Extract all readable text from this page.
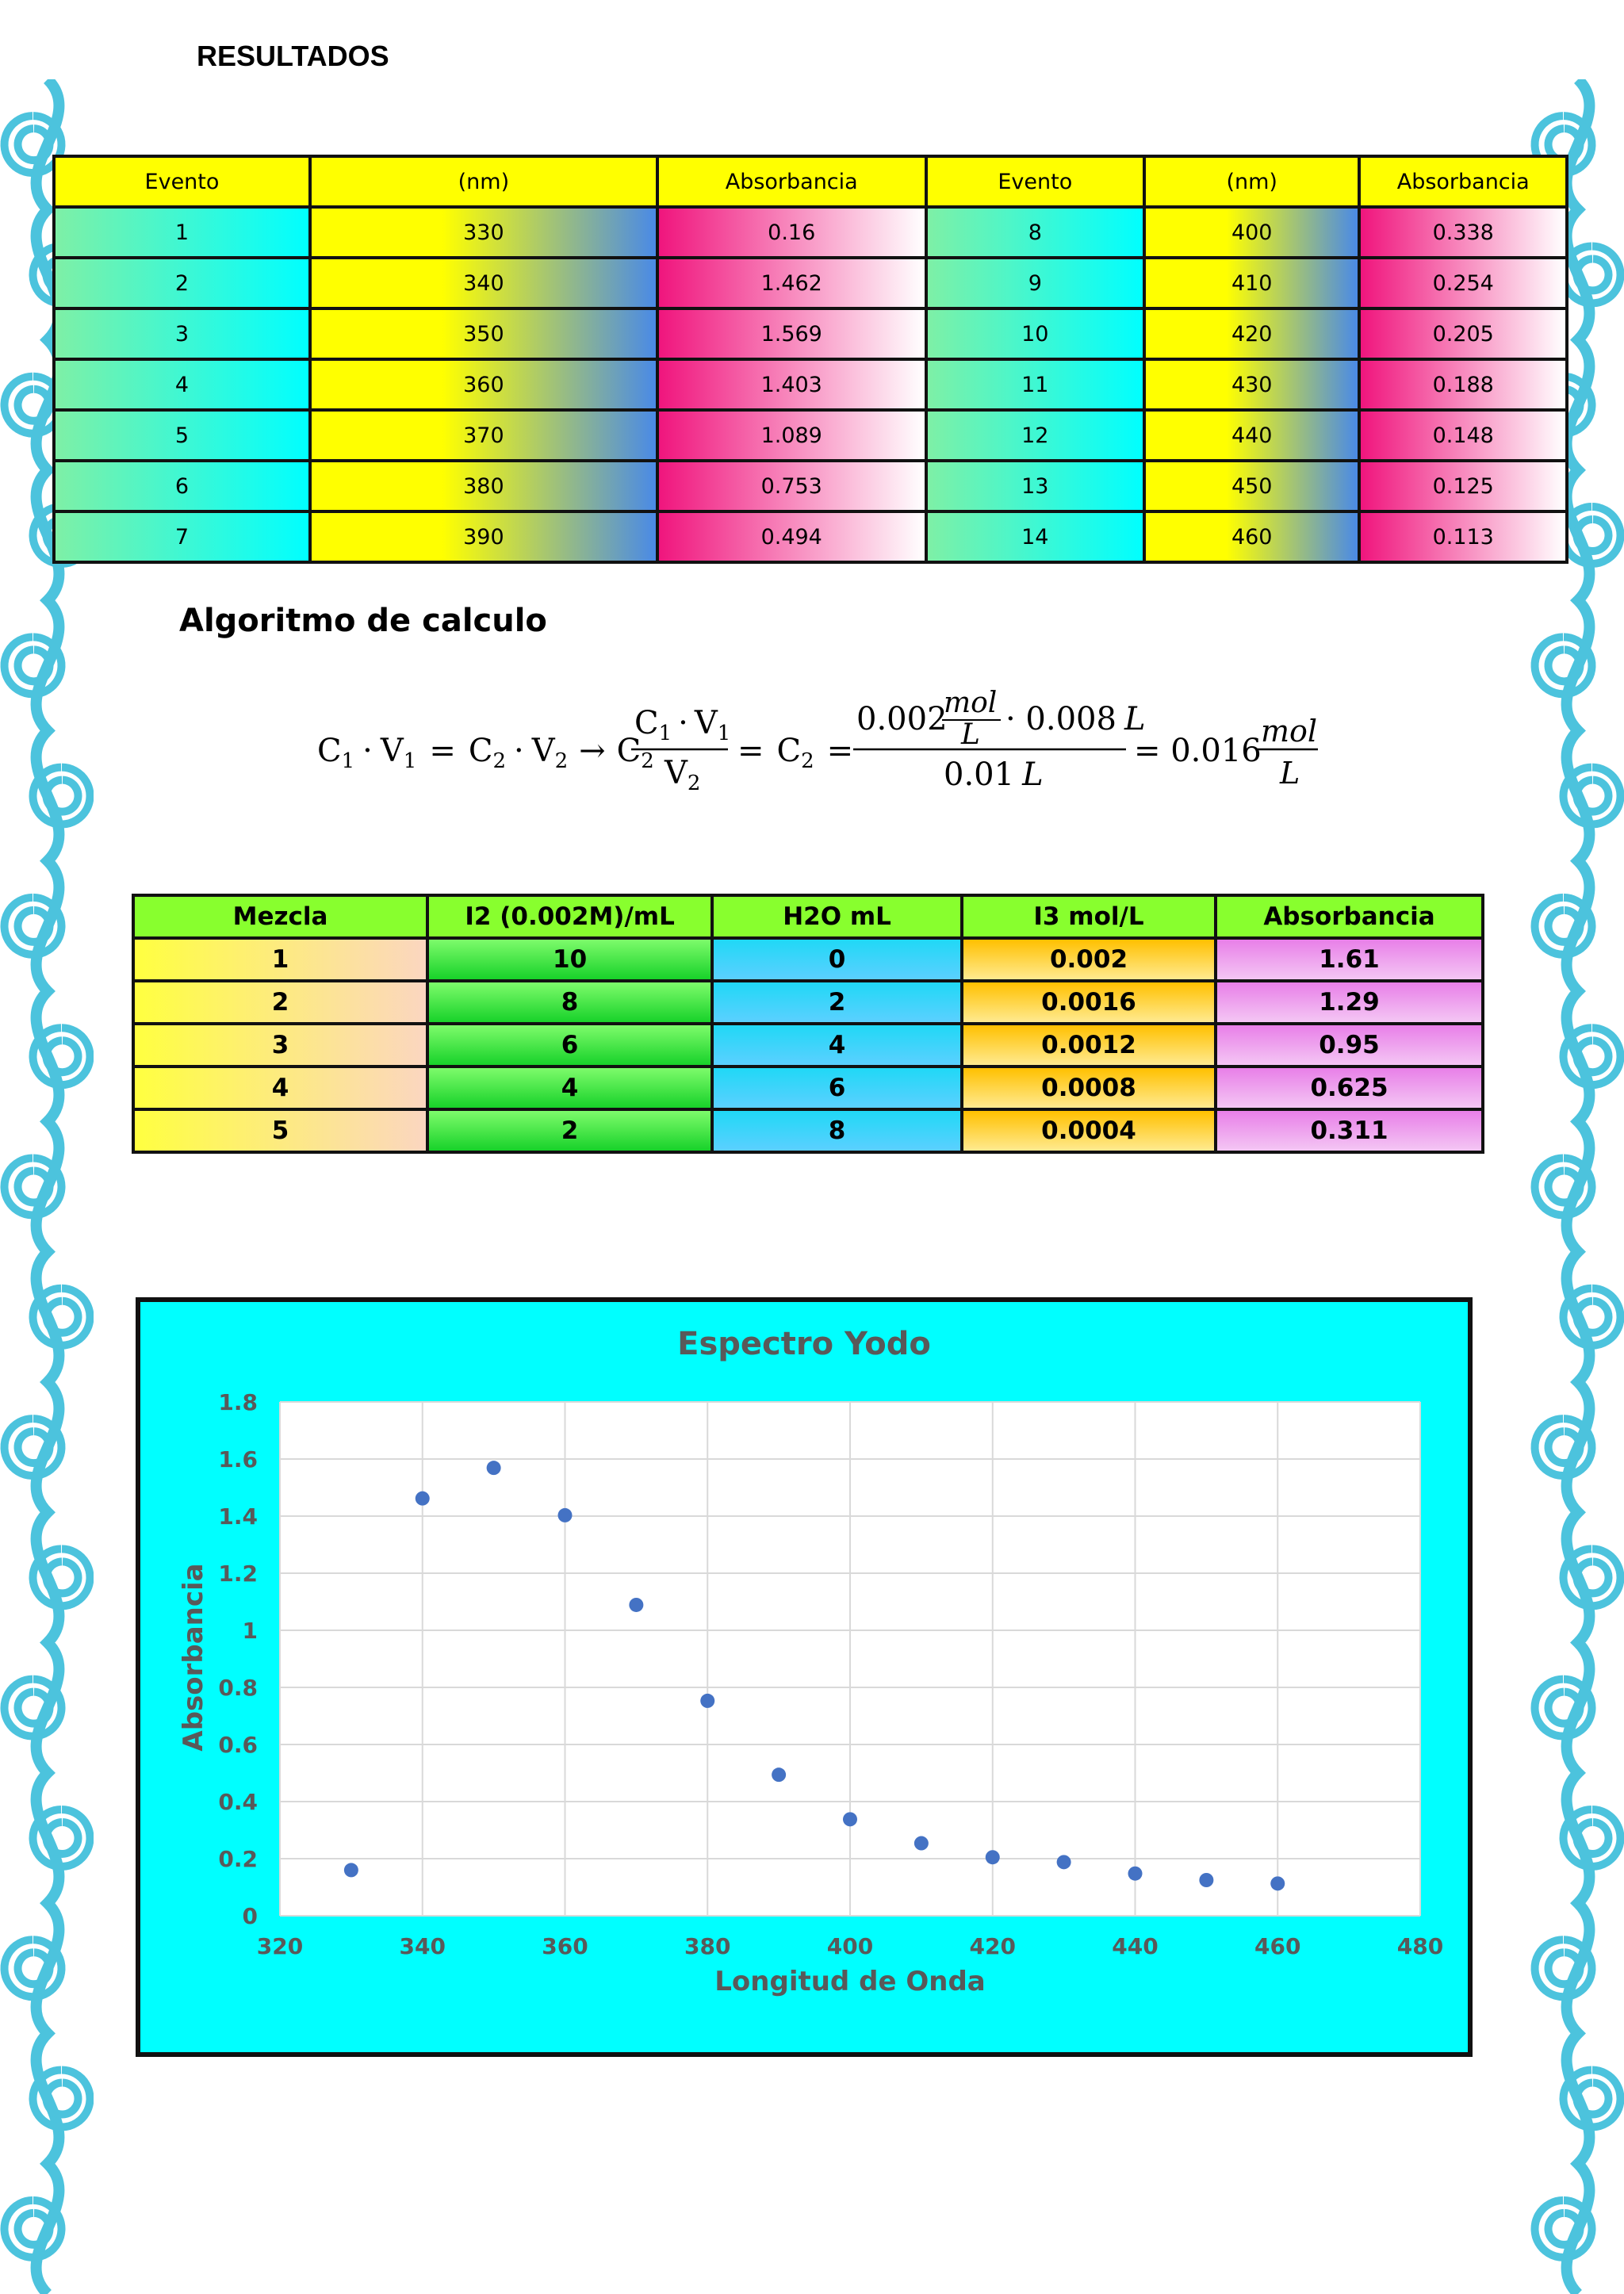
RESULTADOS
Evento	(nm)	Absorbancia	Evento	(nm)	Absorbancia
1	330	0.16	8	400	0.338
2	340	1.462	9	410	0.254
3	350	1.569	10	420	0.205
4	360	1.403	11	430	0.188
5	370	1.089	12	440	0.148
6	380	0.753	13	450	0.125
7	390	0.494	14	460	0.113
Algoritmo de calculo
$C_1 \cdot V_1 = C_2 \cdot V_2 \to C_2$
$C_1 \cdot V_1$
$V_2$
= $C_2$ =
0.002
mol
L · 0.008 L
0.01 L
= 0.016
mol
L
Mezcla	I2 (0.002M)/mL	H2O mL	I3 mol/L	Absorbancia
1	10	0	0.002	1.61
2	8	2	0.0016	1.29
3	6	4	0.0012	0.95
4	4	6	0.0008	0.625
5	2	8	0.0004	0.311
Espectro Yodo
320	340	360	380	400	420	440	460	480
0
0.2
0.4
0.6
0.8
1
1.2
1.4
1.6
1.8
Longitud de Onda
Absorbancia
